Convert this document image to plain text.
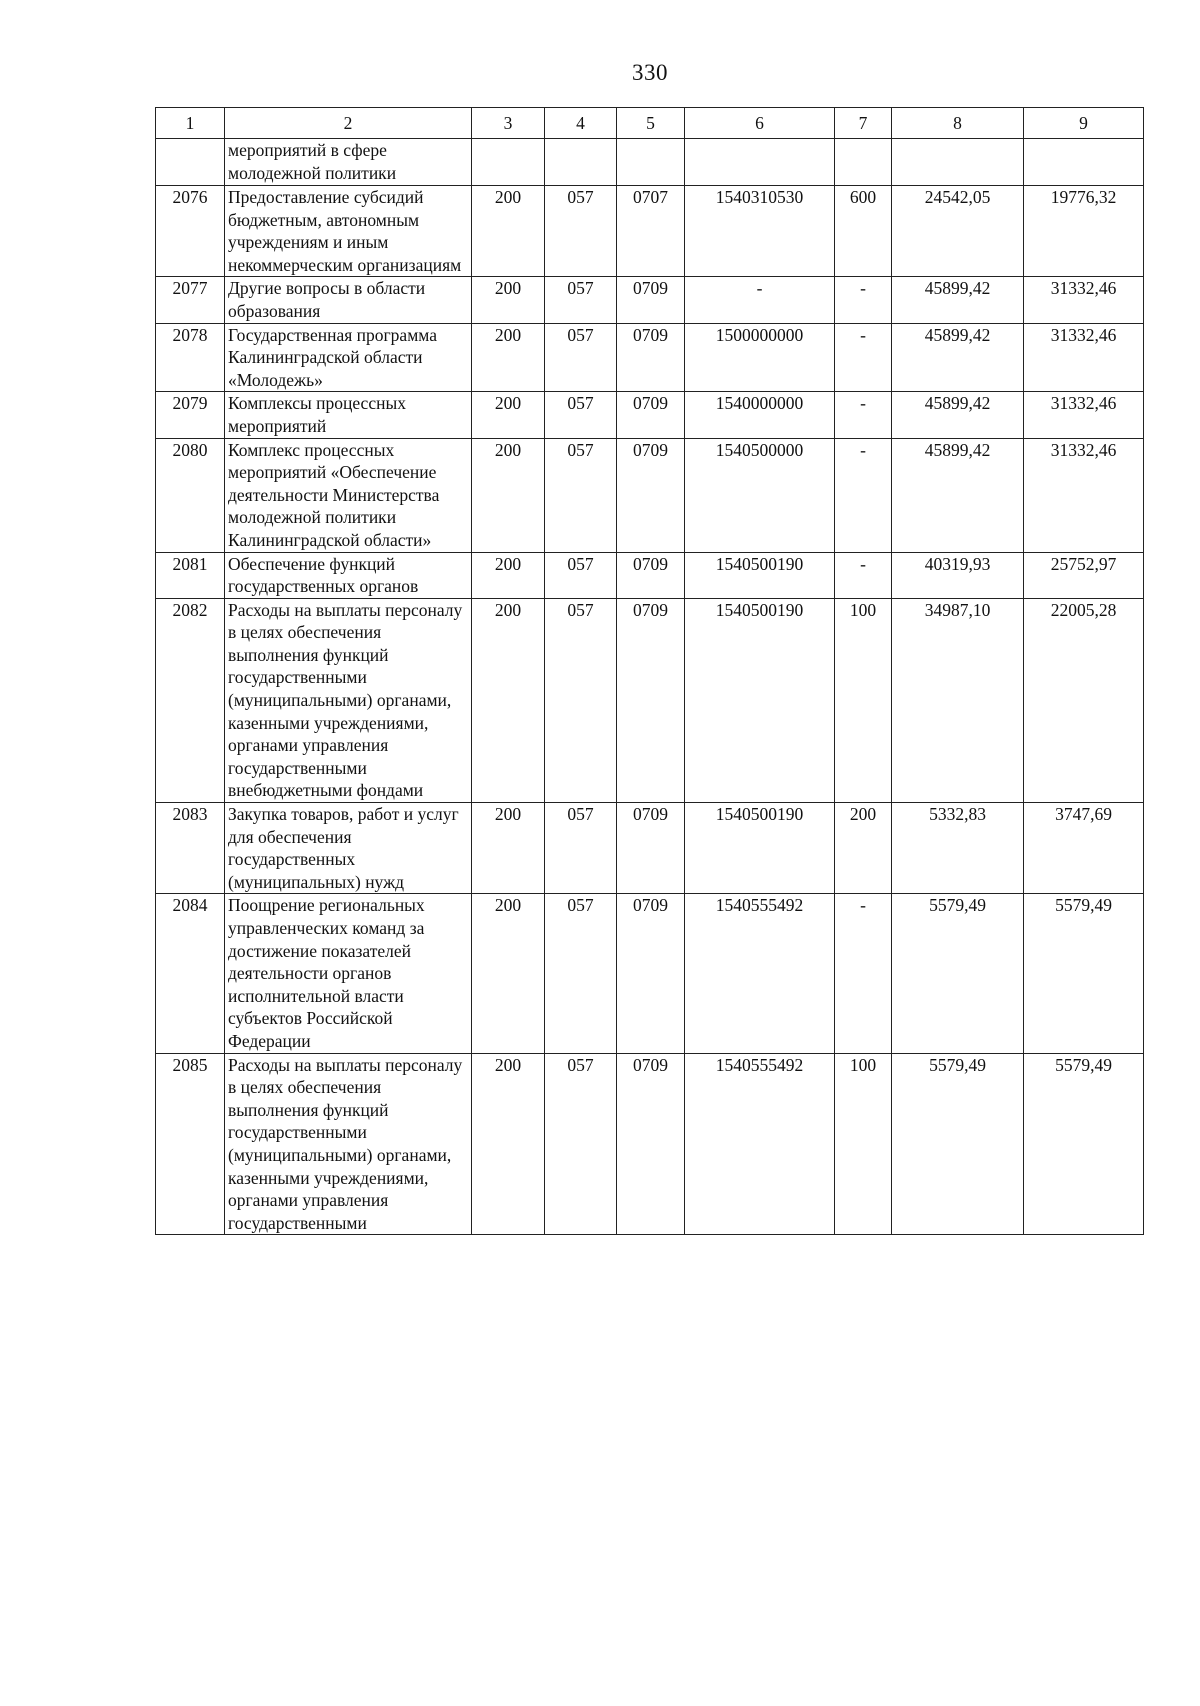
330
1	2	3	4	5	6	7	8	9
	мероприятий в сфере молодежной политики							
2076	Предоставление субсидий бюджетным, автономным учреждениям и иным некоммерческим организациям	200	057	0707	1540310530	600	24542,05	19776,32
2077	Другие вопросы в области образования	200	057	0709	-	-	45899,42	31332,46
2078	Государственная программа Калининградской области «Молодежь»	200	057	0709	1500000000	-	45899,42	31332,46
2079	Комплексы процессных мероприятий	200	057	0709	1540000000	-	45899,42	31332,46
2080	Комплекс процессных мероприятий «Обеспечение деятельности Министерства молодежной политики Калининградской области»	200	057	0709	1540500000	-	45899,42	31332,46
2081	Обеспечение функций государственных органов	200	057	0709	1540500190	-	40319,93	25752,97
2082	Расходы на выплаты персоналу в целях обеспечения выполнения функций государственными (муниципальными) органами, казенными учреждениями, органами управления государственными внебюджетными фондами	200	057	0709	1540500190	100	34987,10	22005,28
2083	Закупка товаров, работ и услуг для обеспечения государственных (муниципальных) нужд	200	057	0709	1540500190	200	5332,83	3747,69
2084	Поощрение региональных управленческих команд за достижение показателей деятельности органов исполнительной власти субъектов Российской Федерации	200	057	0709	1540555492	-	5579,49	5579,49
2085	Расходы на выплаты персоналу в целях обеспечения выполнения функций государственными (муниципальными) органами, казенными учреждениями, органами управления государственными	200	057	0709	1540555492	100	5579,49	5579,49
